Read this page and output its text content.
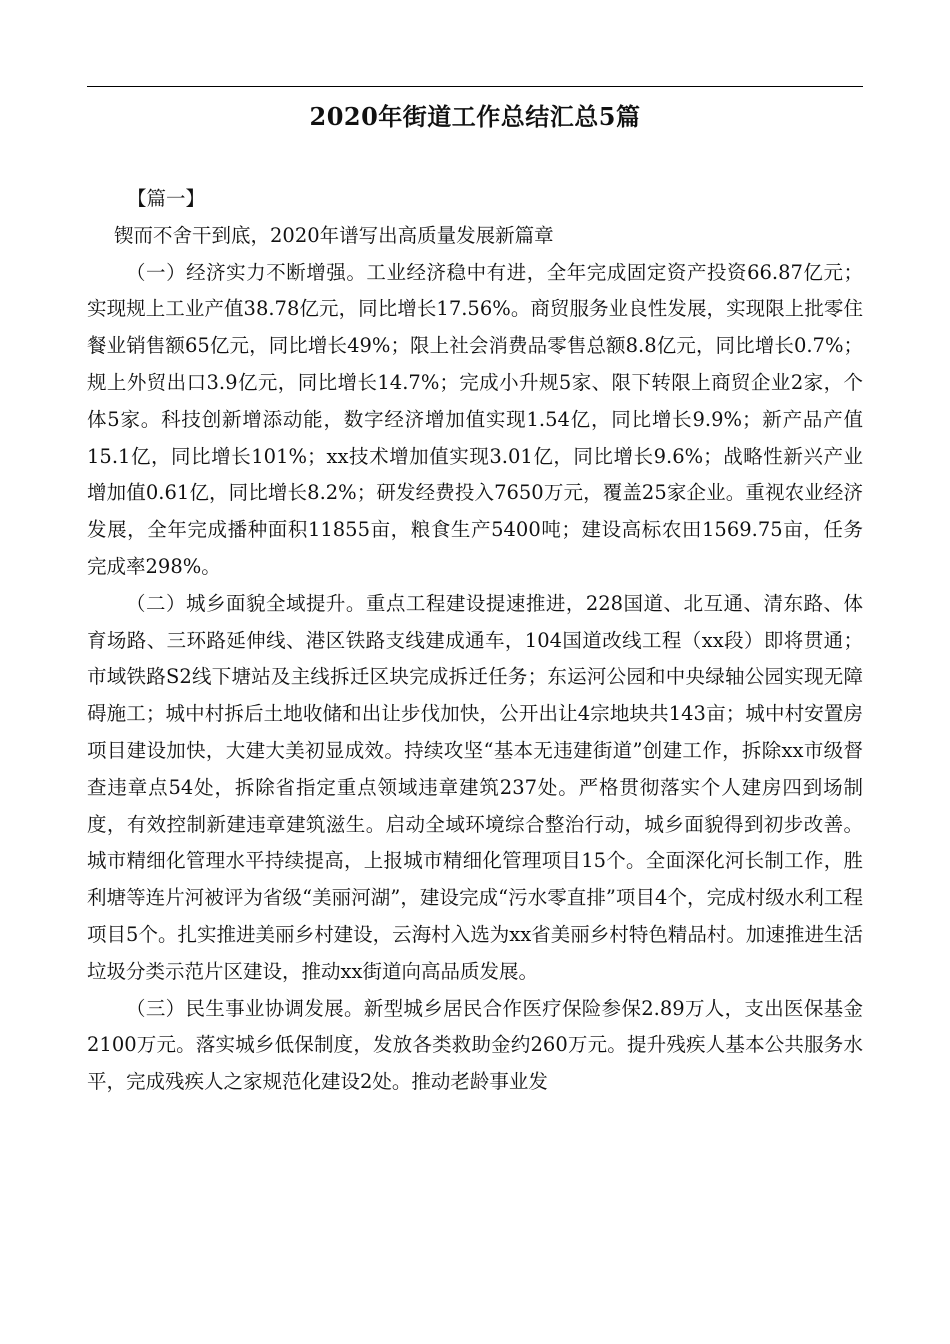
2020年街道工作总结汇总5篇

【篇一】

锲而不舍干到底，2020年谱写出高质量发展新篇章

（一）经济实力不断增强。工业经济稳中有进，全年完成固定资产投资66.87亿元；实现规上工业产值38.78亿元，同比增长17.56%。商贸服务业良性发展，实现限上批零住餐业销售额65亿元，同比增长49%；限上社会消费品零售总额8.8亿元，同比增长0.7%；规上外贸出口3.9亿元，同比增长14.7%；完成小升规5家、限下转限上商贸企业2家，个体5家。科技创新增添动能，数字经济增加值实现1.54亿，同比增长9.9%；新产品产值15.1亿，同比增长101%；xx技术增加值实现3.01亿，同比增长9.6%；战略性新兴产业增加值0.61亿，同比增长8.2%；研发经费投入7650万元，覆盖25家企业。重视农业经济发展，全年完成播种面积11855亩，粮食生产5400吨；建设高标农田1569.75亩，任务完成率298%。

（二）城乡面貌全域提升。重点工程建设提速推进，228国道、北互通、清东路、体育场路、三环路延伸线、港区铁路支线建成通车，104国道改线工程（xx段）即将贯通；市域铁路S2线下塘站及主线拆迁区块完成拆迁任务；东运河公园和中央绿轴公园实现无障碍施工；城中村拆后土地收储和出让步伐加快，公开出让4宗地块共143亩；城中村安置房项目建设加快，大建大美初显成效。持续攻坚“基本无违建街道”创建工作，拆除xx市级督查违章点54处，拆除省指定重点领域违章建筑237处。严格贯彻落实个人建房四到场制度，有效控制新建违章建筑滋生。启动全域环境综合整治行动，城乡面貌得到初步改善。城市精细化管理水平持续提高，上报城市精细化管理项目15个。全面深化河长制工作，胜利塘等连片河被评为省级“美丽河湖”，建设完成“污水零直排”项目4个，完成村级水利工程项目5个。扎实推进美丽乡村建设，云海村入选为xx省美丽乡村特色精品村。加速推进生活垃圾分类示范片区建设，推动xx街道向高品质发展。

（三）民生事业协调发展。新型城乡居民合作医疗保险参保2.89万人，支出医保基金2100万元。落实城乡低保制度，发放各类救助金约260万元。提升残疾人基本公共服务水平，完成残疾人之家规范化建设2处。推动老龄事业发
